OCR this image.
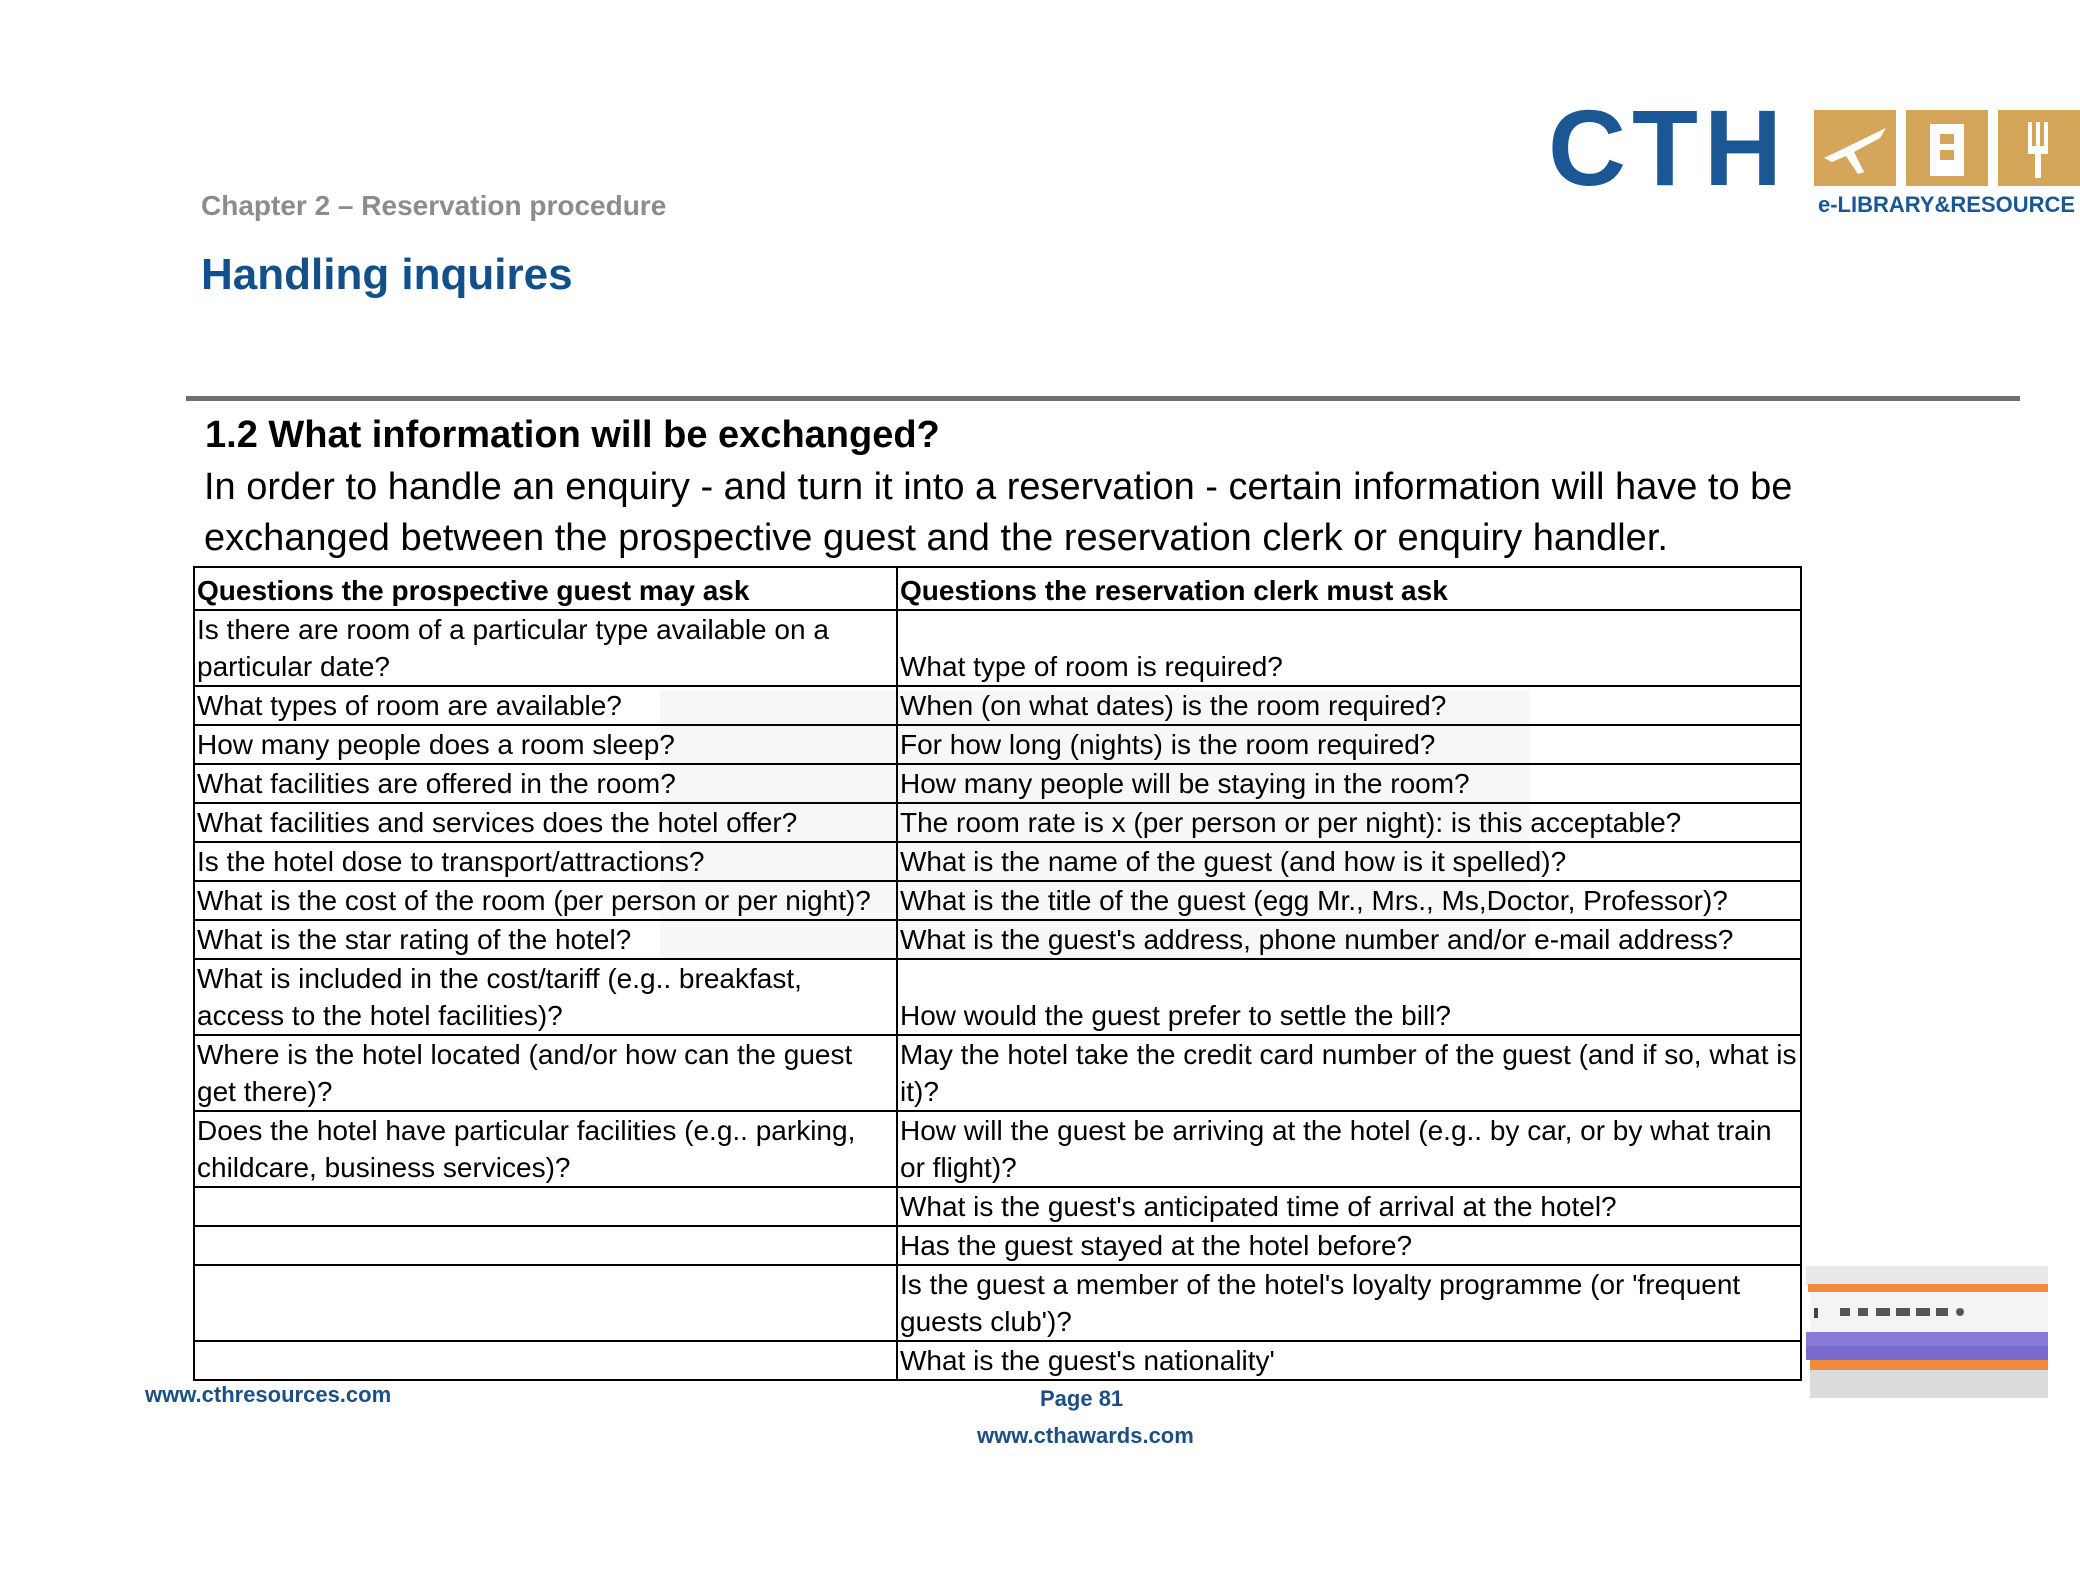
Chapter 2 – Reservation procedure
Handling inquires
CTH e-LIBRARY&RESOURCE
1.2 What information will be exchanged?
In order to handle an enquiry - and turn it into a reservation - certain information will have to be exchanged between the prospective guest and the reservation clerk or enquiry handler.
Questions the prospective guest may ask	Questions the reservation clerk must ask
Is there are room of a particular type available on a particular date?	What type of room is required?
What types of room are available?	When (on what dates) is the room required?
How many people does a room sleep?	For how long (nights) is the room required?
What facilities are offered in the room?	How many people will be staying in the room?
What facilities and services does the hotel offer?	The room rate is x (per person or per night): is this acceptable?
Is the hotel dose to transport/attractions?	What is the name of the guest (and how is it spelled)?
What is the cost of the room (per person or per night)?	What is the title of the guest (egg Mr., Mrs., Ms,Doctor, Professor)?
What is the star rating of the hotel?	What is the guest's address, phone number and/or e-mail address?
What is included in the cost/tariff (e.g.. breakfast, access to the hotel facilities)?	How would the guest prefer to settle the bill?
Where is the hotel located (and/or how can the guest get there)?	May the hotel take the credit card number of the guest (and if so, what is it)?
Does the hotel have particular facilities (e.g.. parking, childcare, business services)?	How will the guest be arriving at the hotel (e.g.. by car, or by what train or flight)?
	What is the guest's anticipated time of arrival at the hotel?
	Has the guest stayed at the hotel before?
	Is the guest a member of the hotel's loyalty programme (or 'frequent guests club')?
	What is the guest's nationality'
www.cthresources.com	Page 81
www.cthawards.com
